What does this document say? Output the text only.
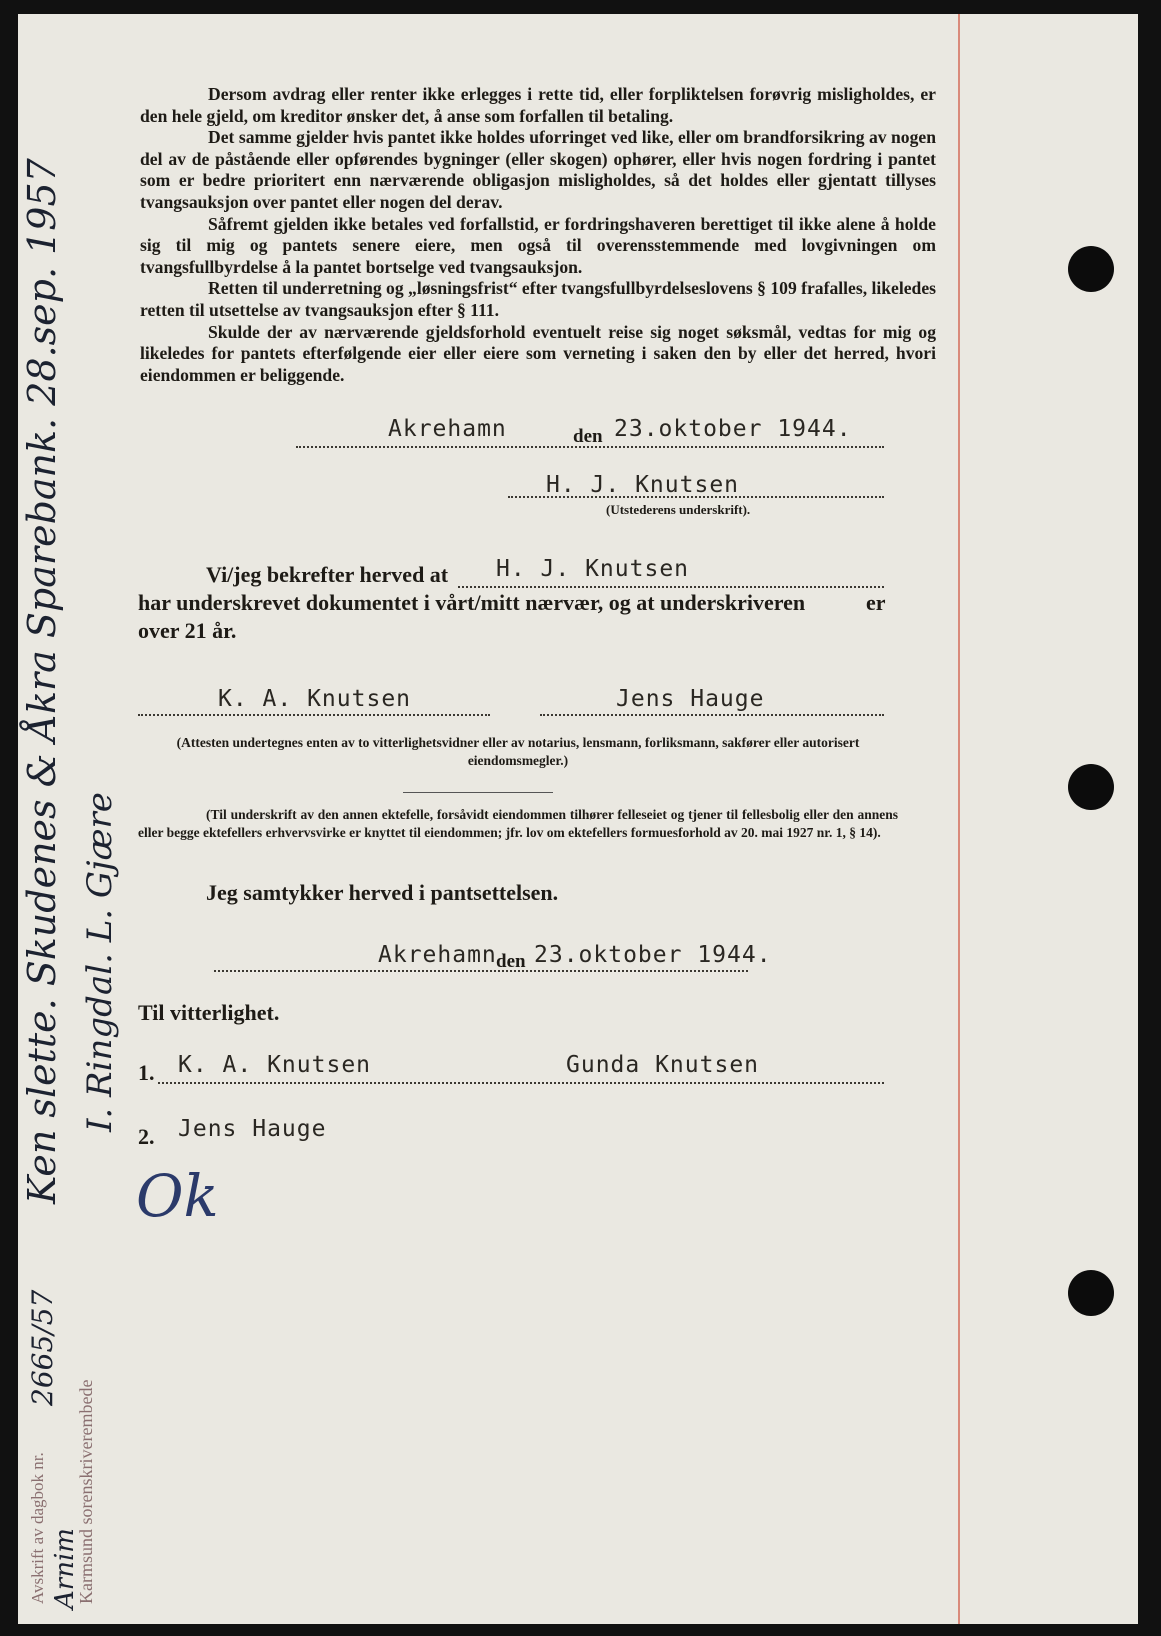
Dersom avdrag eller renter ikke erlegges i rette tid, eller forpliktelsen forøvrig misligholdes, er den hele gjeld, om kreditor ønsker det, å anse som forfallen til betaling.

Det samme gjelder hvis pantet ikke holdes uforringet ved like, eller om brandforsikring av nogen del av de påstående eller opførendes bygninger (eller skogen) ophører, eller hvis nogen fordring i pantet som er bedre prioritert enn nærværende obligasjon misligholdes, så det holdes eller gjentatt tillyses tvangsauksjon over pantet eller nogen del derav.

Såfremt gjelden ikke betales ved forfallstid, er fordringshaveren berettiget til ikke alene å holde sig til mig og pantets senere eiere, men også til overensstemmende med lovgivningen om tvangsfullbyrdelse å la pantet bortselge ved tvangsauksjon.

Retten til underretning og „løsningsfrist“ efter tvangsfullbyrdelseslovens § 109 frafalles, likeledes retten til utsettelse av tvangsauksjon efter § 111.

Skulde der av nærværende gjeldsforhold eventuelt reise sig noget søksmål, vedtas for mig og likeledes for pantets efterfølgende eier eller eiere som verneting i saken den by eller det herred, hvori eiendommen er beliggende.

Akrehamn	den 23.oktober 1944.
H. J. Knutsen
(Utstederens underskrift).
Vi/jeg bekrefter herved at H. J. Knutsen
har underskrevet dokumentet i vårt/mitt nærvær, og at underskriveren	er
over 21 år.
K. A. Knutsen	Jens Hauge
(Attesten undertegnes enten av to vitterlighetsvidner eller av notarius, lensmann, forliksmann, sakfører eller autorisert eiendomsmegler.)
(Til underskrift av den annen ektefelle, forsåvidt eiendommen tilhører felleseiet og tjener til fellesbolig eller den annens eller begge ektefellers erhvervsvirke er knyttet til eiendommen; jfr. lov om ektefellers formuesforhold av 20. mai 1927 nr. 1, § 14).
Jeg samtykker herved i pantsettelsen.
Akrehamn den 23.oktober 1944.
Til vitterlighet.
1. K. A. Knutsen	Gunda Knutsen
2. Jens Hauge
Ok
Ken slette. Skudenes & Åkra Sparebank. 28.sep. 1957 I. Ringdal. L. Gjære
Avskrift av dagbok nr. Karmsund sorenskriverembede
2665/57
Arnim
